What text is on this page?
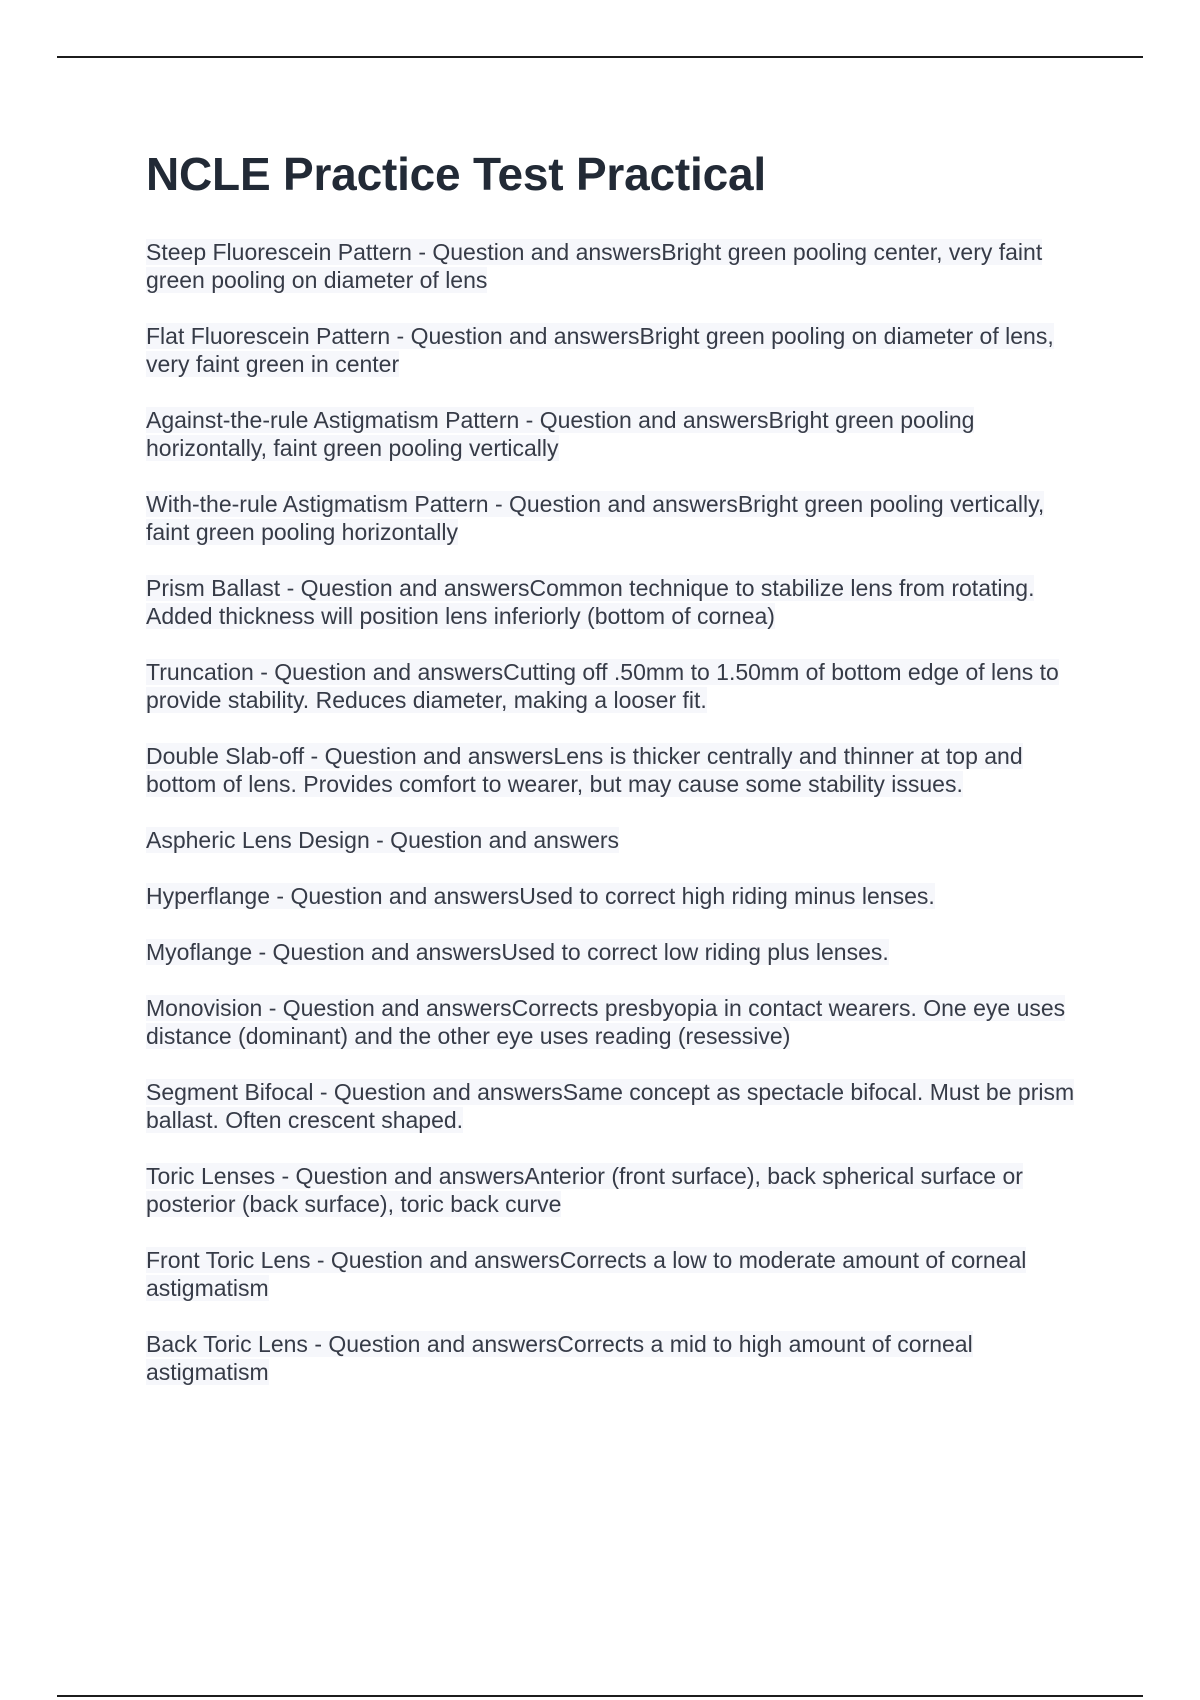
NCLE Practice Test Practical
Steep Fluorescein Pattern - Question and answersBright green pooling center, very faint green pooling on diameter of lens
Flat Fluorescein Pattern - Question and answersBright green pooling on diameter of lens, very faint green in center
Against-the-rule Astigmatism Pattern - Question and answersBright green pooling horizontally, faint green pooling vertically
With-the-rule Astigmatism Pattern - Question and answersBright green pooling vertically, faint green pooling horizontally
Prism Ballast - Question and answersCommon technique to stabilize lens from rotating. Added thickness will position lens inferiorly (bottom of cornea)
Truncation - Question and answersCutting off .50mm to 1.50mm of bottom edge of lens to provide stability. Reduces diameter, making a looser fit.
Double Slab-off - Question and answersLens is thicker centrally and thinner at top and bottom of lens. Provides comfort to wearer, but may cause some stability issues.
Aspheric Lens Design - Question and answers
Hyperflange - Question and answersUsed to correct high riding minus lenses.
Myoflange - Question and answersUsed to correct low riding plus lenses.
Monovision - Question and answersCorrects presbyopia in contact wearers. One eye uses distance (dominant) and the other eye uses reading (resessive)
Segment Bifocal - Question and answersSame concept as spectacle bifocal. Must be prism ballast. Often crescent shaped.
Toric Lenses - Question and answersAnterior (front surface), back spherical surface or posterior (back surface), toric back curve
Front Toric Lens - Question and answersCorrects a low to moderate amount of corneal astigmatism
Back Toric Lens - Question and answersCorrects a mid to high amount of corneal astigmatism
